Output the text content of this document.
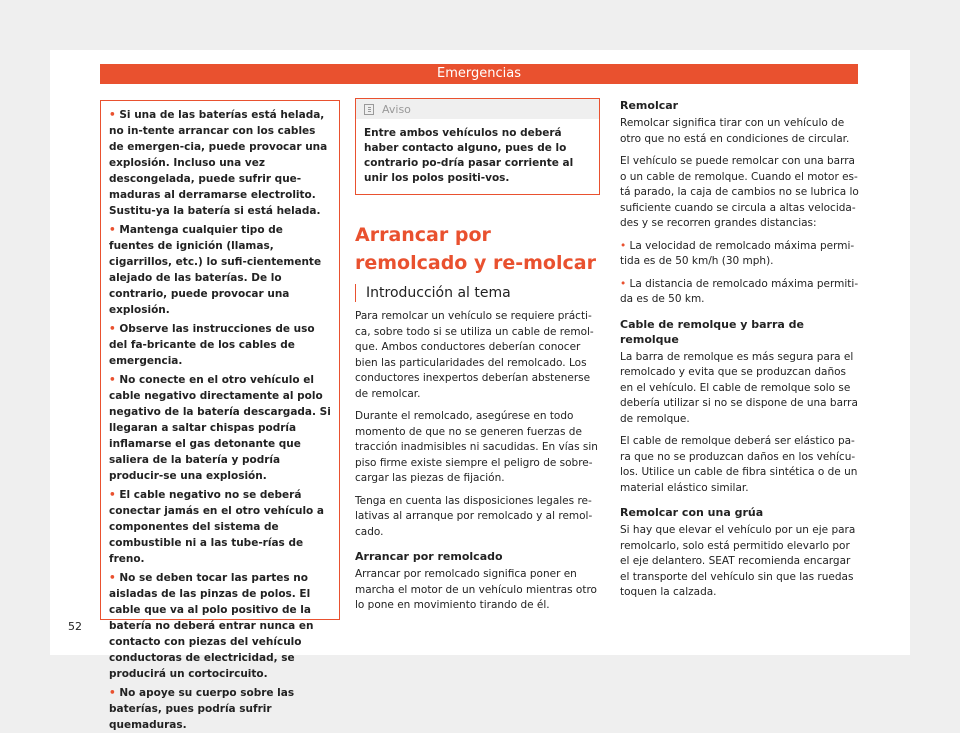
Emergencias

• Si una de las baterías está helada, no in-tente arrancar con los cables de emergen-cia, puede provocar una explosión. Incluso una vez descongelada, puede sufrir que-maduras al derramarse electrolito. Sustitu-ya la batería si está helada.

• Mantenga cualquier tipo de fuentes de ignición (llamas, cigarrillos, etc.) lo sufi-cientemente alejado de las baterías. De lo contrario, puede provocar una explosión.

• Observe las instrucciones de uso del fa-bricante de los cables de emergencia.

• No conecte en el otro vehículo el cable negativo directamente al polo negativo de la batería descargada. Si llegaran a saltar chispas podría inflamarse el gas detonante que saliera de la batería y podría producir-se una explosión.

• El cable negativo no se deberá conectar jamás en el otro vehículo a componentes del sistema de combustible ni a las tube-rías de freno.

• No se deben tocar las partes no aisladas de las pinzas de polos. El cable que va al polo positivo de la batería no deberá entrar nunca en contacto con piezas del vehículo conductoras de electricidad, se producirá un cortocircuito.

• No apoye su cuerpo sobre las baterías, pues podría sufrir quemaduras.

Aviso
Entre ambos vehículos no deberá haber contacto alguno, pues de lo contrario po-dría pasar corriente al unir los polos positi-vos.
Arrancar por remolcado y re-molcar
Introducción al tema

Para remolcar un vehículo se requiere prácti-ca, sobre todo si se utiliza un cable de remol-que. Ambos conductores deberían conocer bien las particularidades del remolcado. Los conductores inexpertos deberían abstenerse de remolcar.

Durante el remolcado, asegúrese en todo momento de que no se generen fuerzas de tracción inadmisibles ni sacudidas. En vías sin piso firme existe siempre el peligro de sobre-cargar las piezas de fijación.

Tenga en cuenta las disposiciones legales re-lativas al arranque por remolcado y al remol-cado.

Arrancar por remolcado

Arrancar por remolcado significa poner en marcha el motor de un vehículo mientras otro lo pone en movimiento tirando de él.

Remolcar

Remolcar significa tirar con un vehículo de otro que no está en condiciones de circular.

El vehículo se puede remolcar con una barra o un cable de remolque. Cuando el motor es-tá parado, la caja de cambios no se lubrica lo suficiente cuando se circula a altas velocida-des y se recorren grandes distancias:

• La velocidad de remolcado máxima permi-tida es de 50 km/h (30 mph).

• La distancia de remolcado máxima permiti-da es de 50 km.

Cable de remolque y barra de remolque

La barra de remolque es más segura para el remolcado y evita que se produzcan daños en el vehículo. El cable de remolque solo se debería utilizar si no se dispone de una barra de remolque.

El cable de remolque deberá ser elástico pa-ra que no se produzcan daños en los vehícu-los. Utilice un cable de fibra sintética o de un material elástico similar.

Remolcar con una grúa

Si hay que elevar el vehículo por un eje para remolcarlo, solo está permitido elevarlo por el eje delantero. SEAT recomienda encargar el transporte del vehículo sin que las ruedas toquen la calzada.

52
